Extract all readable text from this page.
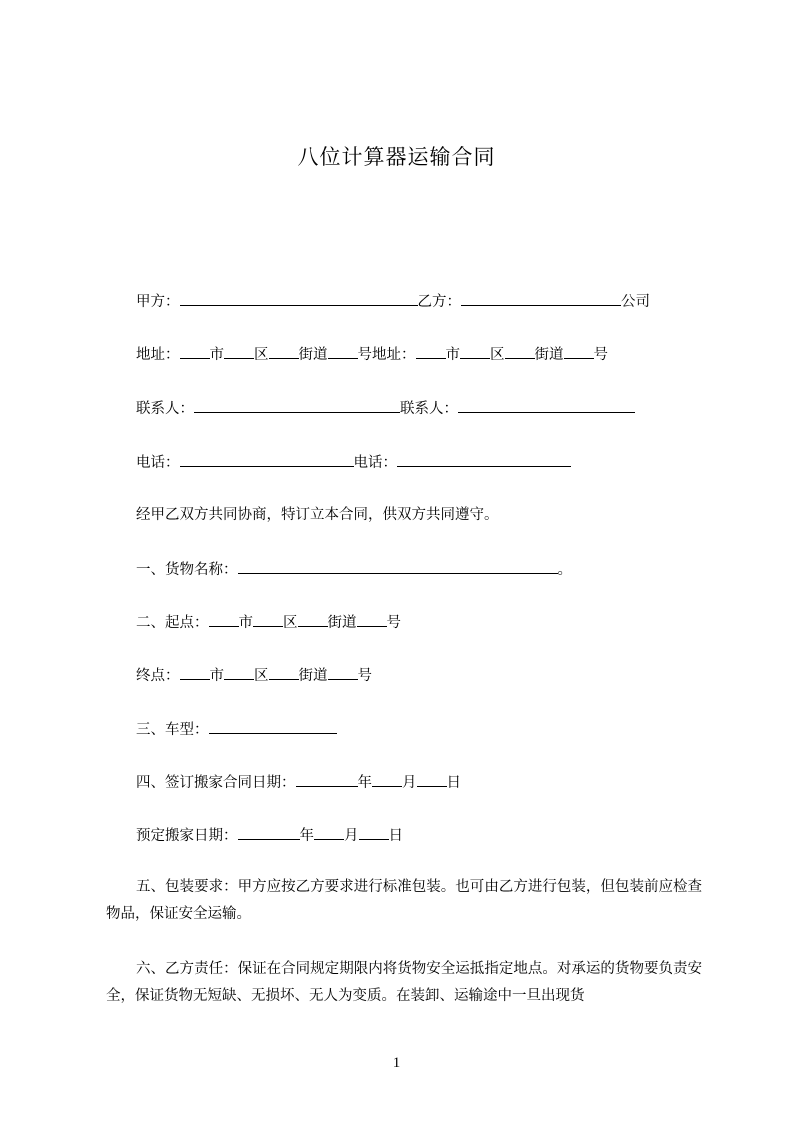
八位计算器运输合同
甲方：	乙方：	公司
地址： 市 区 街道 号地址： 市 区 街道 号
联系人：	联系人：
电话：	电话：
经甲乙双方共同协商，特订立本合同，供双方共同遵守。
一、货物名称：	。
二、起点： 市 区 街道 号
终点： 市 区 街道 号
三、车型：
四、签订搬家合同日期：	年 月 日
预定搬家日期：	年 月 日
五、包装要求：甲方应按乙方要求进行标准包装。也可由乙方进行包装，但包装前应检查物品，保证安全运输。
六、乙方责任：保证在合同规定期限内将货物安全运抵指定地点。对承运的货物要负责安全，保证货物无短缺、无损坏、无人为变质。在装卸、运输途中一旦出现货
1
